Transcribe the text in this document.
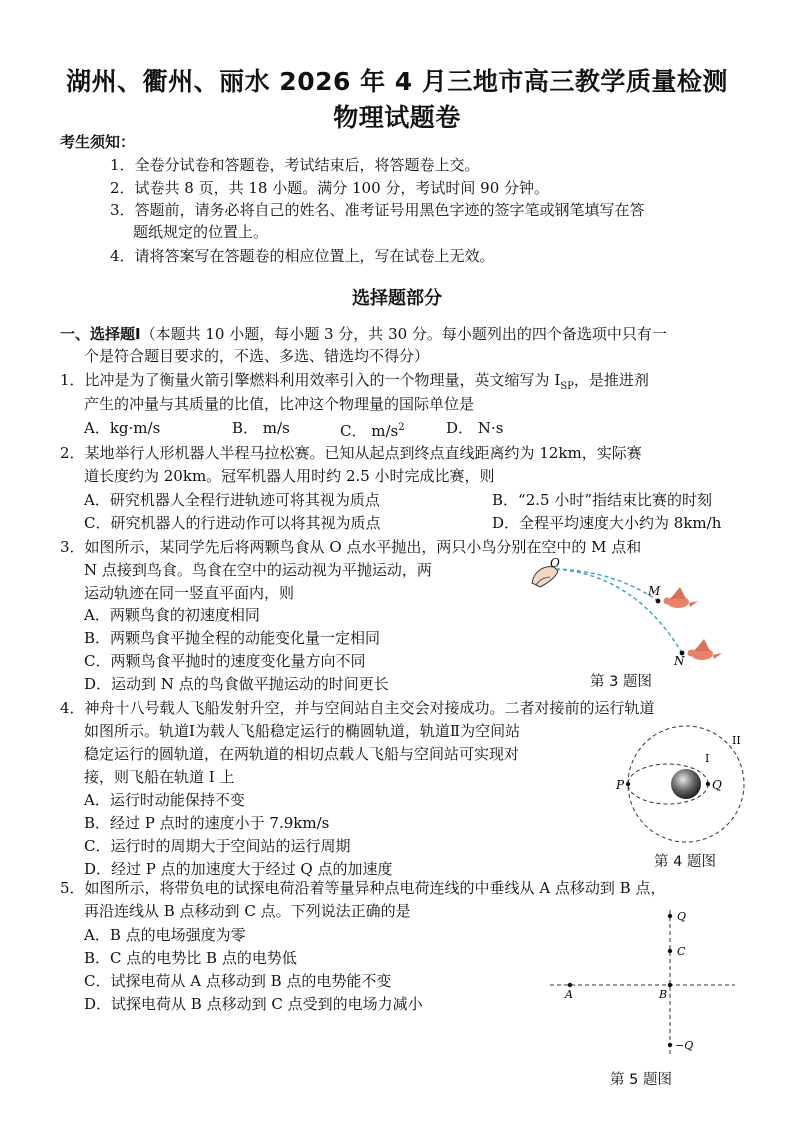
湖州、衢州、丽水 2026 年 4 月三地市高三教学质量检测
物理试题卷
考生须知：
1．全卷分试卷和答题卷，考试结束后，将答题卷上交。
2．试卷共 8 页，共 18 小题。满分 100 分，考试时间 90 分钟。
3．答题前，请务必将自己的姓名、准考证号用黑色字迹的签字笔或钢笔填写在答
题纸规定的位置上。
4．请将答案写在答题卷的相应位置上，写在试卷上无效。
选择题部分
一、选择题Ⅰ（本题共 10 小题，每小题 3 分，共 30 分。每小题列出的四个备选项中只有一
个是符合题目要求的，不选、多选、错选均不得分）
1．比冲是为了衡量火箭引擎燃料利用效率引入的一个物理量，英文缩写为 $I_{SP}$，是推进剂
产生的冲量与其质量的比值，比冲这个物理量的国际单位是
A．kg·m/s	B． m/s	C． $m/s^2$	D． N·s
2．某地举行人形机器人半程马拉松赛。已知从起点到终点直线距离约为 12km，实际赛
道长度约为 20km。冠军机器人用时约 2.5 小时完成比赛，则
A．研究机器人全程行进轨迹可将其视为质点	B．“2.5 小时”指结束比赛的时刻
C．研究机器人的行进动作可以将其视为质点	D．全程平均速度大小约为 8km/h
3．如图所示，某同学先后将两颗鸟食从 O 点水平抛出，两只小鸟分别在空中的 M 点和
N 点接到鸟食。鸟食在空中的运动视为平抛运动，两
运动轨迹在同一竖直平面内，则
A．两颗鸟食的初速度相同
B．两颗鸟食平抛全程的动能变化量一定相同
C．两颗鸟食平抛时的速度变化量方向不同
D．运动到 N 点的鸟食做平抛运动的时间更长
O
M
N
第 3 题图
4．神舟十八号载人飞船发射升空，并与空间站自主交会对接成功。二者对接前的运行轨道
如图所示。轨道Ⅰ为载人飞船稳定运行的椭圆轨道，轨道Ⅱ为空间站
稳定运行的圆轨道，在两轨道的相切点载人飞船与空间站可实现对
接，则飞船在轨道 I 上
A．运行时动能保持不变
B．经过 P 点时的速度小于 7.9km/s
C．运行时的周期大于空间站的运行周期
D．经过 P 点的加速度大于经过 Q 点的加速度
P	Q
I
II
第 4 题图
5．如图所示，将带负电的试探电荷沿着等量异种点电荷连线的中垂线从 A 点移动到 B 点，
再沿连线从 B 点移动到 C 点。下列说法正确的是
A．B 点的电场强度为零
B．C 点的电势比 B 点的电势低
C．试探电荷从 A 点移动到 B 点的电势能不变
D．试探电荷从 B 点移动到 C 点受到的电场力减小
Q
C
B
A
−Q
第 5 题图
